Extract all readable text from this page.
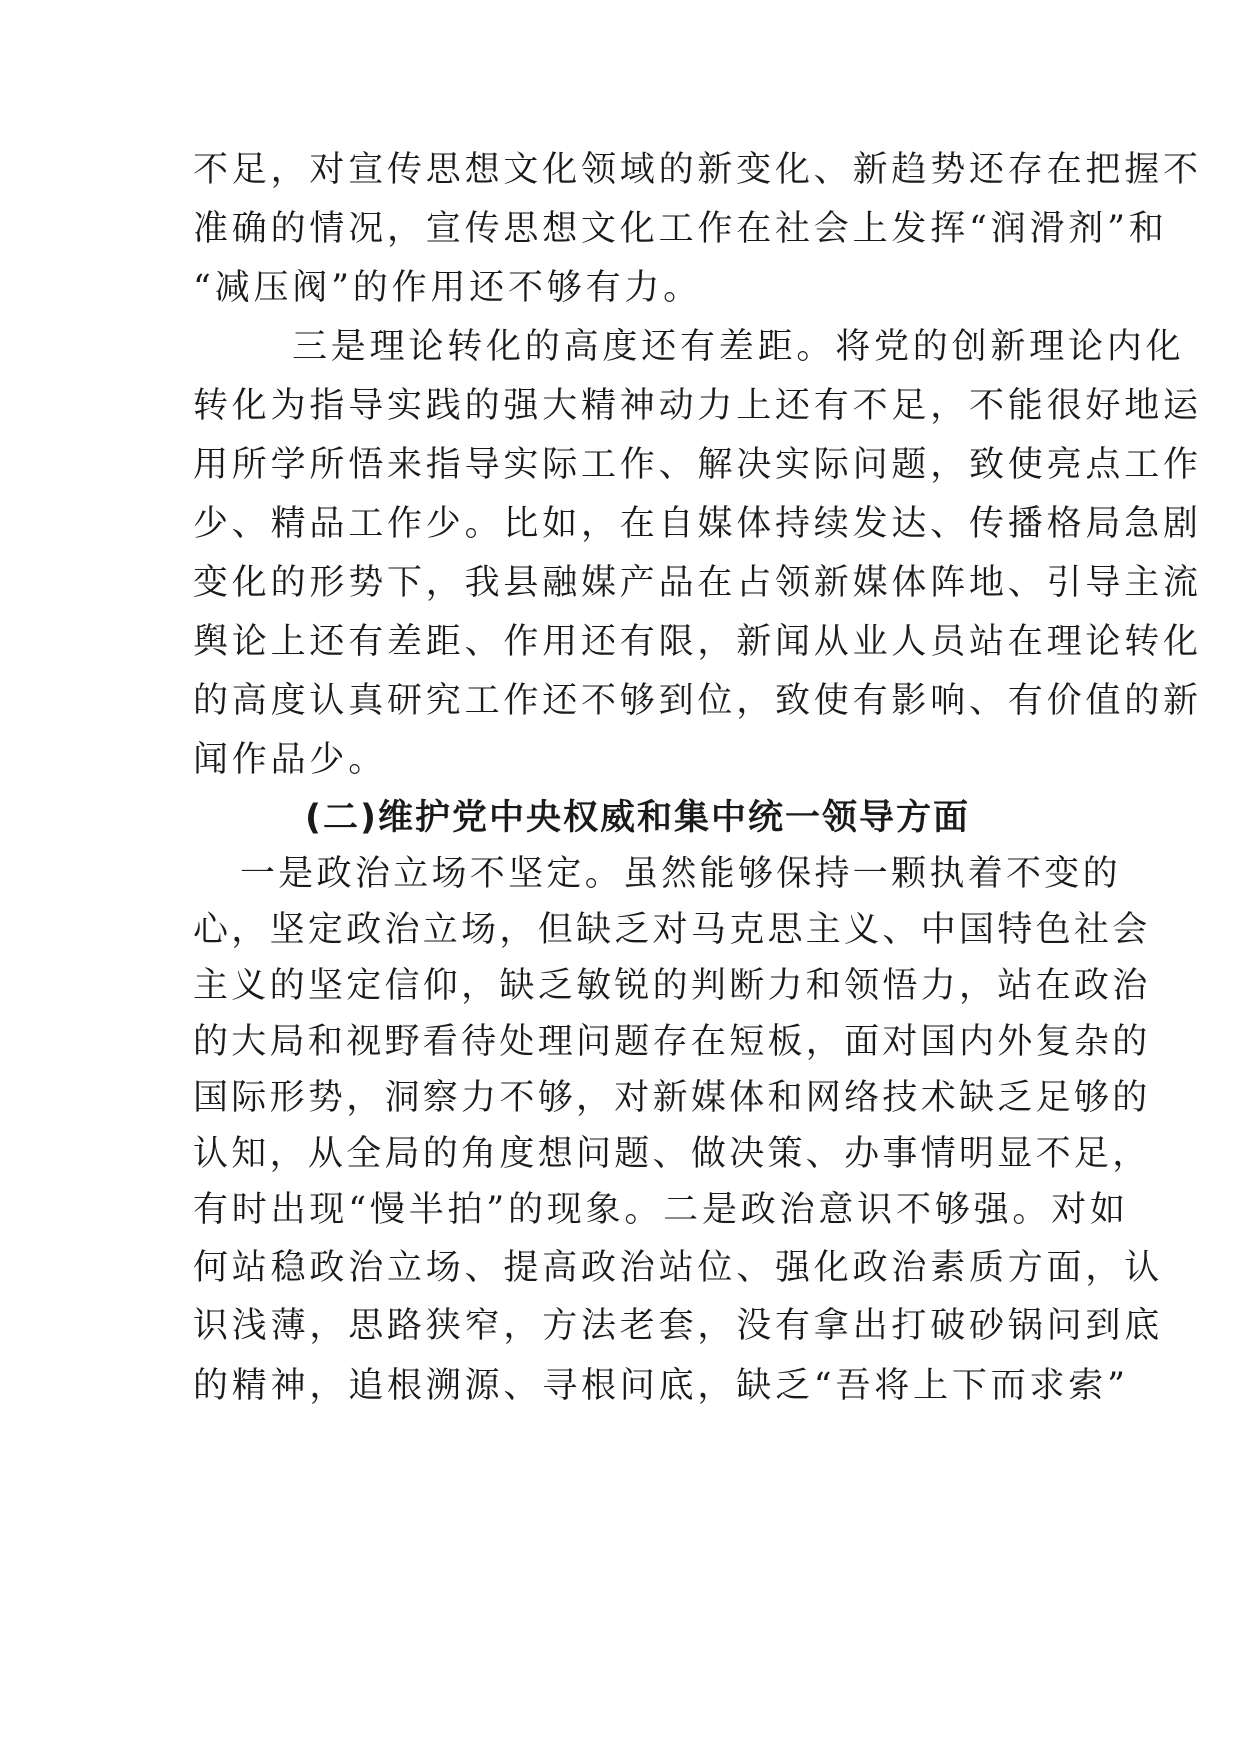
不足，对宣传思想文化领域的新变化、新趋势还存在把握不
准确的情况，宣传思想文化工作在社会上发挥“润滑剂”和
“减压阀”的作用还不够有力。
三是理论转化的高度还有差距。将党的创新理论内化
转化为指导实践的强大精神动力上还有不足，不能很好地运
用所学所悟来指导实际工作、解决实际问题，致使亮点工作
少、精品工作少。比如，在自媒体持续发达、传播格局急剧
变化的形势下，我县融媒产品在占领新媒体阵地、引导主流
舆论上还有差距、作用还有限，新闻从业人员站在理论转化
的高度认真研究工作还不够到位，致使有影响、有价值的新
闻作品少。
(二)维护党中央权威和集中统一领导方面
一是政治立场不坚定。虽然能够保持一颗执着不变的
心，坚定政治立场，但缺乏对马克思主义、中国特色社会
主义的坚定信仰，缺乏敏锐的判断力和领悟力，站在政治
的大局和视野看待处理问题存在短板，面对国内外复杂的
国际形势，洞察力不够，对新媒体和网络技术缺乏足够的
认知，从全局的角度想问题、做决策、办事情明显不足，
有时出现“慢半拍”的现象。二是政治意识不够强。对如
何站稳政治立场、提高政治站位、强化政治素质方面，认
识浅薄，思路狭窄，方法老套，没有拿出打破砂锅问到底
的精神，追根溯源、寻根问底，缺乏“吾将上下而求索”
